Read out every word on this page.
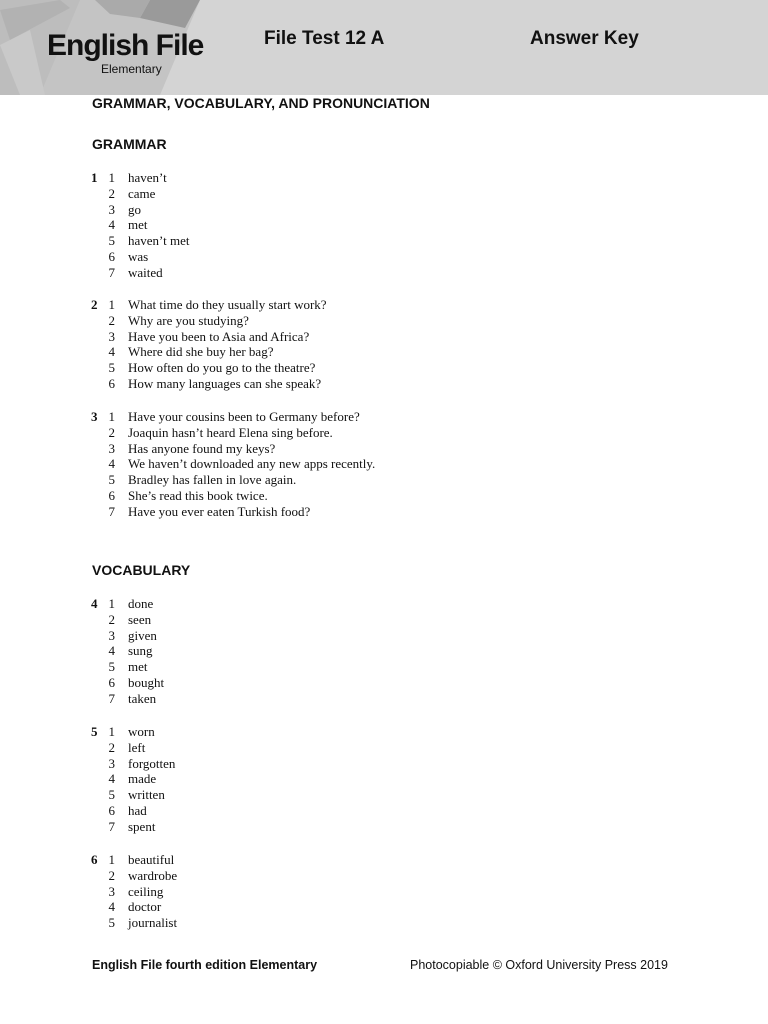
English File
Elementary
File Test 12 A	Answer Key
GRAMMAR, VOCABULARY, AND PRONUNCIATION
GRAMMAR
1 1 haven’t
2 came
3 go
4 met
5 haven’t met
6 was
7 waited
2 1 What time do they usually start work?
2 Why are you studying?
3 Have you been to Asia and Africa?
4 Where did she buy her bag?
5 How often do you go to the theatre?
6 How many languages can she speak?
3 1 Have your cousins been to Germany before?
2 Joaquin hasn’t heard Elena sing before.
3 Has anyone found my keys?
4 We haven’t downloaded any new apps recently.
5 Bradley has fallen in love again.
6 She’s read this book twice.
7 Have you ever eaten Turkish food?
VOCABULARY
4 1 done
2 seen
3 given
4 sung
5 met
6 bought
7 taken
5 1 worn
2 left
3 forgotten
4 made
5 written
6 had
7 spent
6 1 beautiful
2 wardrobe
3 ceiling
4 doctor
5 journalist
English File fourth edition Elementary	Photocopiable © Oxford University Press 2019
